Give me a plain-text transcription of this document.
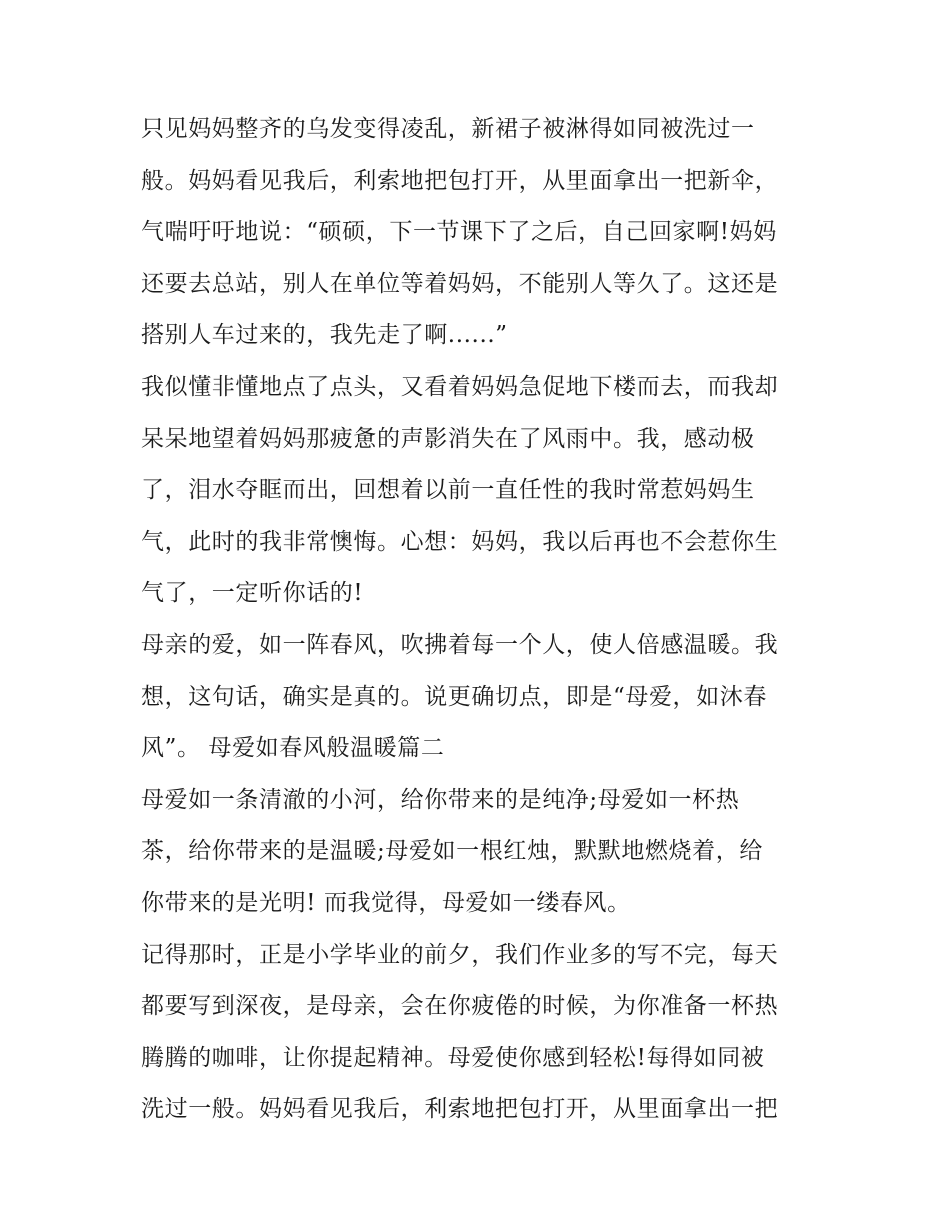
只见妈妈整齐的乌发变得凌乱，新裙子被淋得如同被洗过一
般。妈妈看见我后，利索地把包打开，从里面拿出一把新伞，
气喘吁吁地说：“硕硕，下一节课下了之后，自己回家啊!妈妈
还要去总站，别人在单位等着妈妈，不能别人等久了。这还是
搭别人车过来的，我先走了啊......”
我似懂非懂地点了点头，又看着妈妈急促地下楼而去，而我却
呆呆地望着妈妈那疲惫的声影消失在了风雨中。我，感动极
了，泪水夺眶而出，回想着以前一直任性的我时常惹妈妈生
气，此时的我非常懊悔。心想：妈妈，我以后再也不会惹你生
气了，一定听你话的!
母亲的爱，如一阵春风，吹拂着每一个人，使人倍感温暖。我
想，这句话，确实是真的。说更确切点，即是“母爱，如沐春
风”。 母爱如春风般温暖篇二
母爱如一条清澈的小河，给你带来的是纯净;母爱如一杯热
茶，给你带来的是温暖;母爱如一根红烛，默默地燃烧着，给
你带来的是光明! 而我觉得，母爱如一缕春风。
记得那时，正是小学毕业的前夕，我们作业多的写不完，每天
都要写到深夜，是母亲，会在你疲倦的时候，为你准备一杯热
腾腾的咖啡，让你提起精神。母爱使你感到轻松!每得如同被
洗过一般。妈妈看见我后，利索地把包打开，从里面拿出一把
